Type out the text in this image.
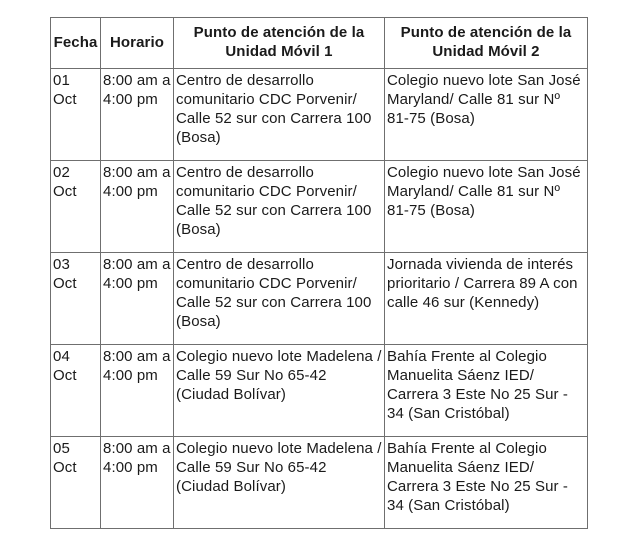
Fecha	Horario	Punto de atención de la Unidad Móvil 1	Punto de atención de la Unidad Móvil 2

01
Oct	8:00 am a 4:00 pm	Centro de desarrollo comunitario CDC Porvenir/ Calle 52 sur con Carrera 100 (Bosa)	Colegio nuevo lote San José Maryland/ Calle 81 sur Nº 81-75 (Bosa)

02
Oct	8:00 am a 4:00 pm	Centro de desarrollo comunitario CDC Porvenir/ Calle 52 sur con Carrera 100 (Bosa)	Colegio nuevo lote San José Maryland/ Calle 81 sur Nº 81-75 (Bosa)

03
Oct	8:00 am a 4:00 pm	Centro de desarrollo comunitario CDC Porvenir/ Calle 52 sur con Carrera 100 (Bosa)	Jornada vivienda de interés prioritario / Carrera 89 A con calle 46 sur (Kennedy)

04
Oct	8:00 am a 4:00 pm	Colegio nuevo lote Madelena / Calle 59 Sur No 65-42 (Ciudad Bolívar)	Bahía Frente al Colegio Manuelita Sáenz IED/ Carrera 3 Este No 25 Sur - 34 (San Cristóbal)

05
Oct	8:00 am a 4:00 pm	Colegio nuevo lote Madelena / Calle 59 Sur No 65-42 (Ciudad Bolívar)	Bahía Frente al Colegio Manuelita Sáenz IED/ Carrera 3 Este No 25 Sur - 34 (San Cristóbal)
